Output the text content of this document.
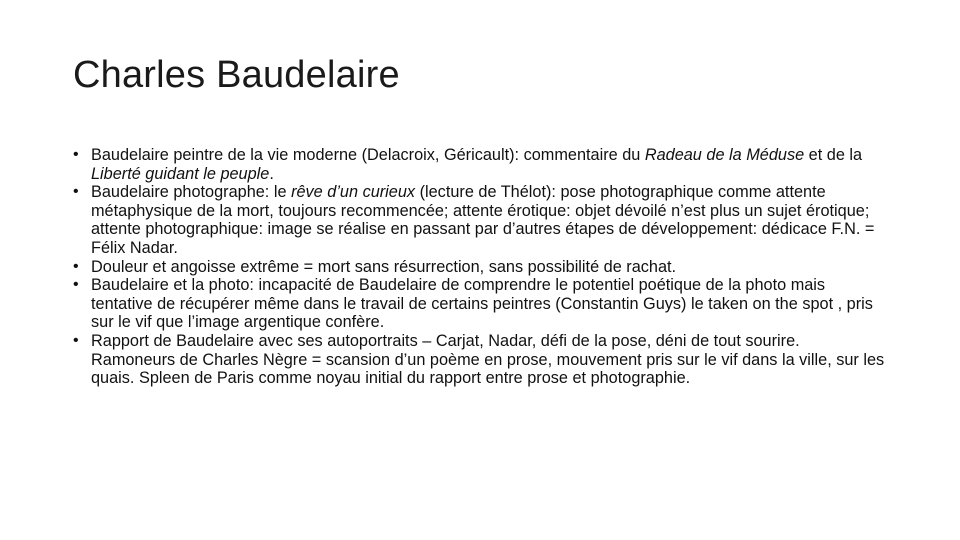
Charles Baudelaire
• Baudelaire peintre de la vie moderne (Delacroix, Géricault): commentaire du Radeau de la Méduse et de la Liberté guidant le peuple.
• Baudelaire photographe: le rêve d’un curieux (lecture de Thélot): pose photographique comme attente métaphysique de la mort, toujours recommencée; attente érotique: objet dévoilé n’est plus un sujet érotique; attente photographique: image se réalise en passant par d’autres étapes de développement: dédicace F.N. = Félix Nadar.
• Douleur et angoisse extrême = mort sans résurrection, sans possibilité de rachat.
• Baudelaire et la photo: incapacité de Baudelaire de comprendre le potentiel poétique de la photo mais tentative de récupérer même dans le travail de certains peintres (Constantin Guys) le taken on the spot , pris sur le vif que l’image argentique confère.
• Rapport de Baudelaire avec ses autoportraits – Carjat, Nadar, défi de la pose, déni de tout sourire. Ramoneurs de Charles Nègre = scansion d’un poème en prose, mouvement pris sur le vif dans la ville, sur les quais. Spleen de Paris comme noyau initial du rapport entre prose et photographie.
